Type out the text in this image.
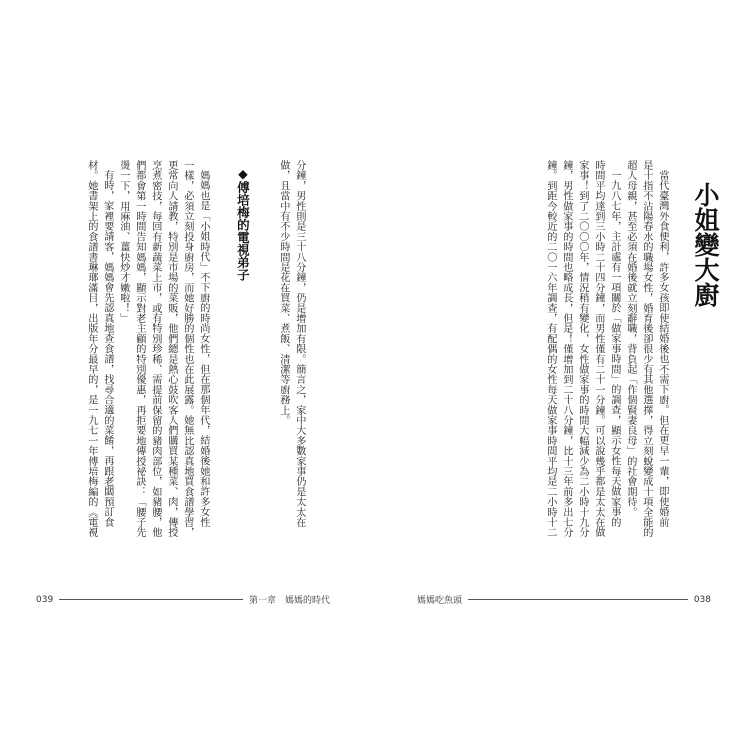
小姐變大廚
當代臺灣外食便利，許多女孩即使結婚後也不需下廚。但在更早一輩，即使婚前
是十指不沾陽春水的職場女性，婚育後卻很少有其他選擇，得立刻蛻變成十項全能的
超人母親，甚至必須在婚後就立刻辭職，背負起「作個賢妻良母」的社會期待。
一九八七年，主計處有一項關於「做家事時間」的調查，顯示女性每天做家事的
時間平均達到三小時二十四分鐘，而男性僅有二十一分鐘。可以說幾乎都是太太在做
家事！到了二〇〇〇年，情況稍有變化，女性做家事的時間大幅減少為二小時十九分
鐘，男性做家事的時間也略成長，但是！僅增加到二十八分鐘，比十三年前多出七分
鐘。到距今較近的二〇一六年調查，有配偶的女性每天做家事時間平均是二小時十二
媽媽吃魚頭	038
分鐘，男性則是三十八分鐘，仍是增加有限。簡言之，家中大多數家事仍是太太在
做，且當中有不少時間是花在買菜、煮飯、清潔等廚務上。
◆傅培梅的電視弟子
媽媽也是「小姐時代」不下廚的時尚女性，但在那個年代，結婚後她和許多女性
一樣，必須立刻投身廚房，而她好勝的個性也在此展露。她無比認真地買食譜學習，
更常向人請教，特別是市場的菜販，他們總是熱心鼓吹客人們購買某種菜、肉，傳授
烹煮密技，每回有新蔬菜上市，或有特別珍稀、需提前保留的豬肉部位，如豬腰，他
們都會第一時間告知媽媽，顯示對老主顧的特別優惠，再拒要地傳授祕訣：「腰子先
燙一下，用麻油、薑快炒才嫩啦！」
有時，家裡要請客，媽媽會先認真地查食譜，找尋合適的菜餚，再跟老闆預訂食
材。她書架上的食譜書琳瑯滿目，出版年分最早的，是一九七一年傅培梅編的《電視
039	第一章　媽媽的時代
